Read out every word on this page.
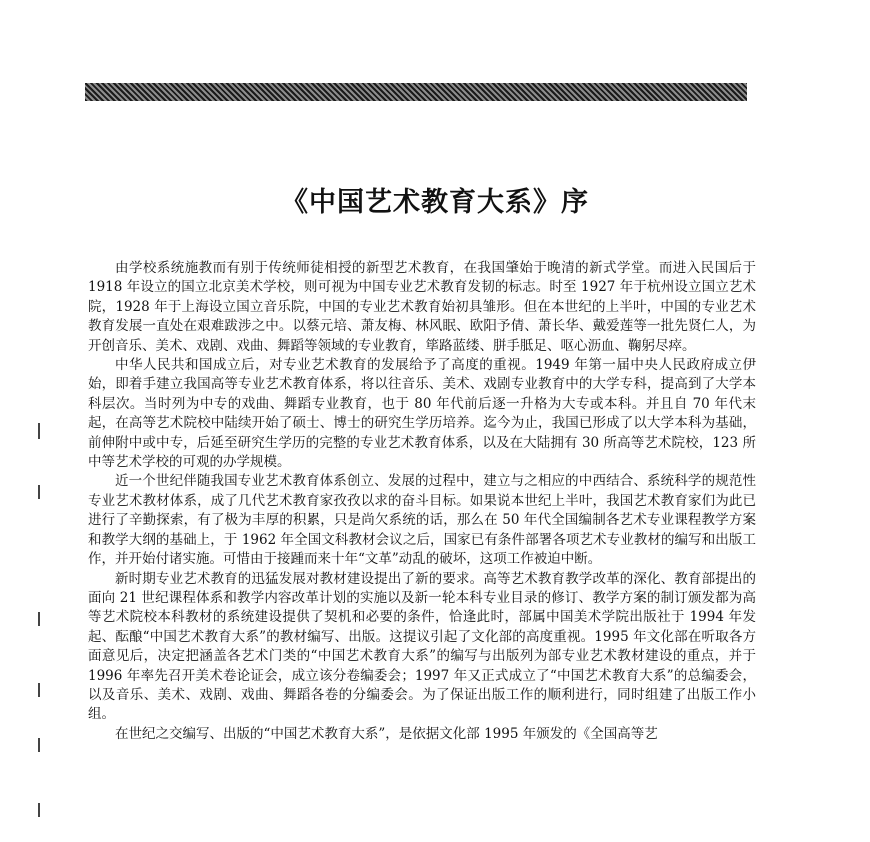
《中国艺术教育大系》序

由学校系统施教而有别于传统师徒相授的新型艺术教育，在我国肇始于晚清的新式学堂。而进入民国后于 1918 年设立的国立北京美术学校，则可视为中国专业艺术教育发韧的标志。时至 1927 年于杭州设立国立艺术院，1928 年于上海设立国立音乐院，中国的专业艺术教育始初具雏形。但在本世纪的上半叶，中国的专业艺术教育发展一直处在艰难跋涉之中。以蔡元培、萧友梅、林风眠、欧阳予倩、萧长华、戴爱莲等一批先贤仁人，为开创音乐、美术、戏剧、戏曲、舞蹈等领域的专业教育，筚路蓝缕、胼手胝足、呕心沥血、鞠躬尽瘁。

中华人民共和国成立后，对专业艺术教育的发展给予了高度的重视。1949 年第一届中央人民政府成立伊始，即着手建立我国高等专业艺术教育体系，将以往音乐、美术、戏剧专业教育中的大学专科，提高到了大学本科层次。当时列为中专的戏曲、舞蹈专业教育，也于 80 年代前后逐一升格为大专或本科。并且自 70 年代末起，在高等艺术院校中陆续开始了硕士、博士的研究生学历培养。迄今为止，我国已形成了以大学本科为基础，前伸附中或中专，后延至研究生学历的完整的专业艺术教育体系，以及在大陆拥有 30 所高等艺术院校，123 所中等艺术学校的可观的办学规模。

近一个世纪伴随我国专业艺术教育体系创立、发展的过程中，建立与之相应的中西结合、系统科学的规范性专业艺术教材体系，成了几代艺术教育家孜孜以求的奋斗目标。如果说本世纪上半叶，我国艺术教育家们为此已进行了辛勤探索，有了极为丰厚的积累，只是尚欠系统的话，那么在 50 年代全国编制各艺术专业课程教学方案和教学大纲的基础上，于 1962 年全国文科教材会议之后，国家已有条件部署各项艺术专业教材的编写和出版工作，并开始付诸实施。可惜由于接踵而来十年“文革”动乱的破坏，这项工作被迫中断。

新时期专业艺术教育的迅猛发展对教材建设提出了新的要求。高等艺术教育教学改革的深化、教育部提出的面向 21 世纪课程体系和教学内容改革计划的实施以及新一轮本科专业目录的修订、教学方案的制订颁发都为高等艺术院校本科教材的系统建设提供了契机和必要的条件，恰逢此时，部属中国美术学院出版社于 1994 年发起、酝酿“中国艺术教育大系”的教材编写、出版。这提议引起了文化部的高度重视。1995 年文化部在听取各方面意见后，决定把涵盖各艺术门类的“中国艺术教育大系”的编写与出版列为部专业艺术教材建设的重点，并于 1996 年率先召开美术卷论证会，成立该分卷编委会；1997 年又正式成立了“中国艺术教育大系”的总编委会，以及音乐、美术、戏剧、戏曲、舞蹈各卷的分编委会。为了保证出版工作的顺利进行，同时组建了出版工作小组。

在世纪之交编写、出版的“中国艺术教育大系”，是依据文化部 1995 年颁发的《全国高等艺
